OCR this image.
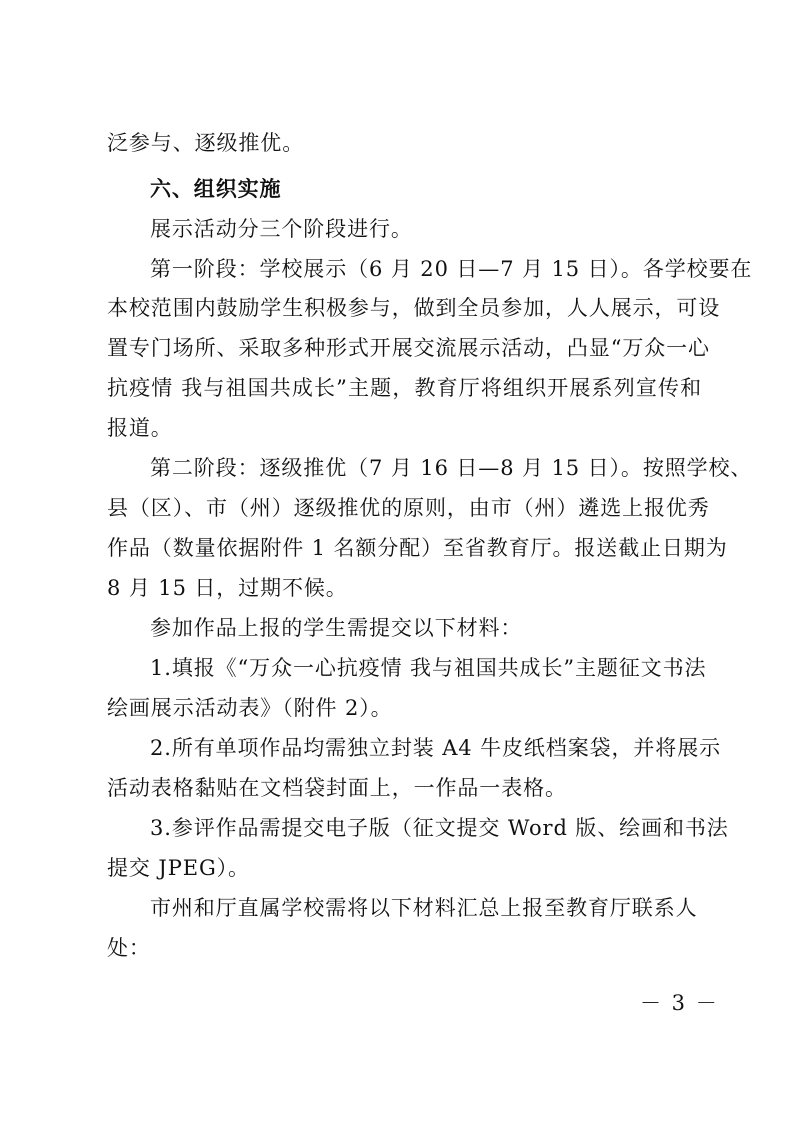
泛参与、逐级推优。
六、组织实施
展示活动分三个阶段进行。
第一阶段：学校展示（6 月 20 日—7 月 15 日）。各学校要在
本校范围内鼓励学生积极参与，做到全员参加，人人展示，可设
置专门场所、采取多种形式开展交流展示活动，凸显“万众一心
抗疫情 我与祖国共成长”主题，教育厅将组织开展系列宣传和
报道。
第二阶段：逐级推优（7 月 16 日—8 月 15 日）。按照学校、
县（区）、市（州）逐级推优的原则，由市（州）遴选上报优秀
作品（数量依据附件 1 名额分配）至省教育厅。报送截止日期为
8 月 15 日，过期不候。
参加作品上报的学生需提交以下材料：
1.填报《“万众一心抗疫情 我与祖国共成长”主题征文书法
绘画展示活动表》（附件 2）。
2.所有单项作品均需独立封装 A4 牛皮纸档案袋，并将展示
活动表格黏贴在文档袋封面上，一作品一表格。
3.参评作品需提交电子版（征文提交 Word 版、绘画和书法
提交 JPEG）。
市州和厅直属学校需将以下材料汇总上报至教育厅联系人
处：
－ 3 －
